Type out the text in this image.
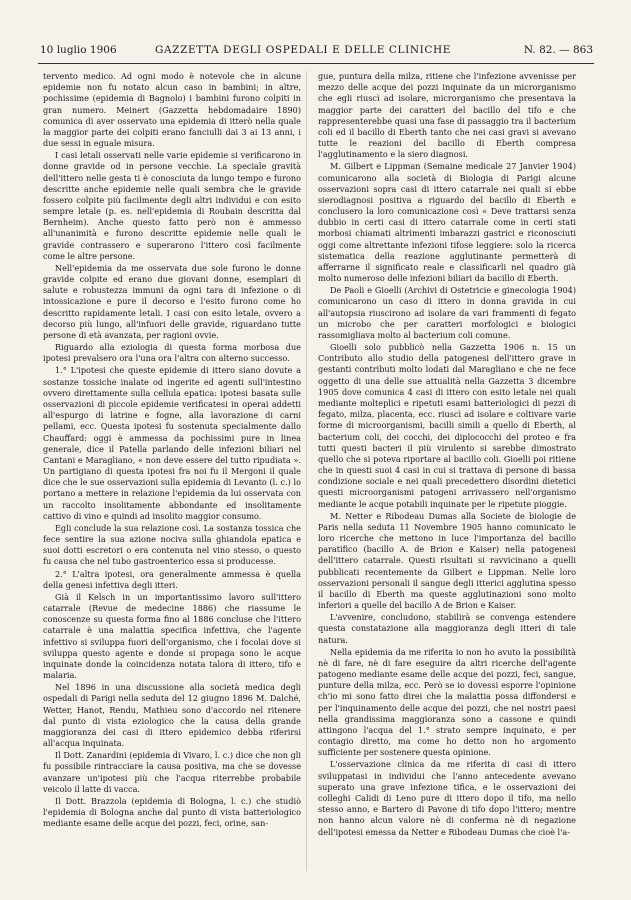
10 luglio 1906	GAZZETTA DEGLI OSPEDALI E DELLE CLINICHE	N. 82. — 863

tervento medico. Ad ogni modo è notevole che in alcune epidemie non fu notato alcun caso in bambini; in altre, pochissime (epidemia di Bagnolo) i bambini furono colpiti in gran numero. Meinert (Gazzetta hebdomadaire 1890) comunica di aver osservato una epidemia di itterò nella quale la maggior parte dei colpiti erano fanciulli dai 3 ai 13 anni, i due sessi in eguale misura.

I casi letali osservati nelle varie epidemie si verificarono in donne gravide od in persone vecchie. La speciale gravità dell'ittero nelle gesta ti è conosciuta da lungo tempo e furono descritte anche epidemie nelle quali sembra che le gravide fossero colpite più facilmente degli altri individui e con esito sempre letale (p. es. nell'epidemia di Roubain descritta dal Bernheim). Anche questo fatto però non è ammesso all'unanimità e furono descritte epidemie nelle quali le gravide contrassero e superarono l'ittero così facilmente come le altre persone.

Nell'epidemia da me osservata due sole furono le donne gravide colpite ed erano due giovani donne, esemplari di salute e robustezza immuni da ogni tara di infezione o di intossicazione e pure il decorso e l'esito furono come ho descritto rapidamente letali. I casi con esito letale, ovvero a decorso più lungo, all'infuori delle gravide, riguardano tutte persone di età avanzata, per ragioni ovvie.

Riguardo alla eziologia di questa forma morbosa due ipotesi prevalsero ora l'una ora l'altra con alterno successo.

1.° L'ipotesi che queste epidemie di ittero siano dovute a sostanze tossiche inalate od ingerite ed agenti sull'intestino ovvero direttamente sulla cellula epatica: ipotesi basata sulle osservazioni di piccole epidemie verificatesi in operai addetti all'espurgo di latrine e fogne, alla lavorazione di carni pellami, ecc. Questa ipotesi fu sostenuta specialmente dallo Chauffard: oggi è ammessa da pochissimi pure in linea generale, dice il Patella parlando delle infezioni biliari nel Cantani e Maragliano, « non deve essere del tutto ripudiata ». Un partigiano di questa ipotesi fra noi fu il Mergoni il quale dice che le sue osservazioni sulla epidemia di Levanto (l. c.) lo portano a mettere in relazione l'epidemia da lui osservata con un raccolto insolitamente abbondante ed insolitamente cattivo di vino e quindi ad insolito maggior consumo.

Egli conclude la sua relazione così. La sostanza tossica che fece sentire la sua azione nociva sulla ghiandola epatica e suoi dotti escretori o era contenuta nel vino stesso, o questo fu causa che nel tubo gastroenterico essa si producesse.

2.° L'altra ipotesi, ora generalmente ammessa è quella della genesi infettiva degli itteri.

Già il Kelsch in un importantissimo lavoro sull'ittero catarrale (Revue de medecine 1886) che riassume le conoscenze su questa forma fino al 1886 concluse che l'ittero catarrale è una malattia specifica infettiva, che l'agente infettivo si sviluppa fuori dell'organismo, che i focolai dove si sviluppa questo agente e donde si propaga sono le acque inquinate donde la coincidenza notata talora di ittero, tifo e malaria.

Nel 1896 in una discussione alla società medica degli ospedali di Parigi nella seduta del 12 giugno 1896 M. Dalché, Wetter, Hanot, Rendu, Mathieu sono d'accordo nel ritenere dal punto di vista eziologico che la causa della grande maggioranza dei casi di ittero epidemico debba riferirsi all'acqua inquinata.

Il Dott. Zanardini (epidemia di Vivaro, l. c.) dice che non gli fu possibile rintracciare la causa positiva, ma che se dovesse avanzare un'ipotesi più che l'acqua riterrebbe probabile veicolo il latte di vacca.

Il Dott. Brazzola (epidemia di Bologna, l. c.) che studiò l'epidemia di Bologna anche dal punto di vista batteriologico mediante esame delle acque dei pozzi, feci, orine, san-

gue, puntura della milza, ritiene che l'infezione avvenisse per mezzo delle acque dei pozzi inquinate da un microrganismo che egli riuscì ad isolare, microrganismo che presentava la maggior parte dei caratteri del bacillo del tifo e che rappresenterebbe quasi una fase di passaggio tra il bacterium coli ed il bacillo di Eberth tanto che nei casi gravi si avevano tutte le reazioni del bacillo di Eberth compresa l'agglutinamento e la siero diagnosi.

M. Gilbert e Lippman (Semaine medicale 27 Janvier 1904) comunicarono alla società di Biologia di Parigi alcune osservazioni sopra casi di ittero catarrale nei quali si ebbe sierodiagnosi positiva a riguardo del bacillo di Eberth e conclusero la loro comunicazione così « Deve trattarsi senza dubbio in certi casi di ittero catarrale come in certi stati morbosi chiamati altrimenti imbarazzi gastrici e riconosciuti oggi come altrettante infezioni tifose leggiere: solo la ricerca sistematica della reazione agglutinante permetterà di afferrarne il significato reale e classificarli nel quadro già molto numeroso delle infezioni biliari da bacillo di Eberth.

De Paoli e Gioelli (Archivi di Ostetricie e ginecologia 1904) comunicarono un caso di ittero in donna gravida in cui all'autopsia riuscirono ad isolare da vari frammenti di fegato un microbo che per caratteri morfologici e biologici rassomigliava molto al bacterium coli comune.

Gioelli solo pubblicò nella Gazzetta 1906 n. 15 un Contributo allo studio della patogenesi dell'ittero grave in gestanti contributi molto lodati dal Maragliano e che ne fece oggetto di una delle sue attualità nella Gazzetta 3 dicembre 1905 dove comunica 4 casi di ittero con esito letale nei quali mediante molteplici e ripetuti esami batteriologici di pezzi di fegato, milza, placenta, ecc. riuscì ad isolare e coltivare varie forme di microorganismi, bacilli simili a quello di Eberth, al bacterium coli, dei cocchi, dei diplococchi del proteo e fra tutti questi bacteri il più virulento si sarebbe dimostrato quello che si poteva riportare al bacillo coli. Gioelli poi ritiene che in questi suoi 4 casi in cui si trattava di persone di bassa condizione sociale e nei quali precedettero disordini dietetici questi microorganismi patogeni arrivassero nell'organismo mediante le acque potabili inquinate per le ripetute pioggie.

M. Netter e Ribodeau Dumas alla Societe de biologie de Paris nella seduta 11 Novembre 1905 hanno comunicato le loro ricerche che mettono in luce l'importanza del bacillo paratifico (bacillo A. de Brion e Kaiser) nella patogenesi dell'ittero catarrale. Questi risultati si ravvicinano a quelli pubblicati recentemente da Gilbert e Lippman. Nelle loro osservazioni personali il sangue degli itterici agglutina spesso il bacillo di Eberth ma queste agglutinazioni sono molto inferiori a quelle del bacillo A de Brion e Kaiser.

L'avvenire, concludono, stabilirà se convenga estendere questa constatazione alla maggioranza degli itteri di tale natura.

Nella epidemia da me riferita io non ho avuto la possibilità nè di fare, nè di fare eseguire da altri ricerche dell'agente patogeno mediante esame delle acque dei pozzi, feci, sangue, punture della milza, ecc. Però se io dovessi esporre l'opinione ch'io mi sono fatto direi che la malattia possa diffondersi e per l'inquinamento delle acque dei pozzi, che nei nostri paesi nella grandissima maggioranza sono a cassone e quindi attingono l'acqua del 1.° strato sempre inquinato, e per contagio diretto, ma come ho detto non ho argomento sufficiente per sostenere questa opinione.

L'osservazione clinica da me riferita di casi di ittero sviluppatasi in individui che l'anno antecedente avevano superato una grave infezione tifica, e le osservazioni dei colleghi Calidi di Leno pure di ittero dopo il tifo, ma nello stesso anno, e Bartero di Pavone di tifo dopo l'ittero; mentre non hanno alcun valore nè di conferma nè di negazione dell'ipotesi emessa da Netter e Ribodeau Dumas che cioè l'a-
